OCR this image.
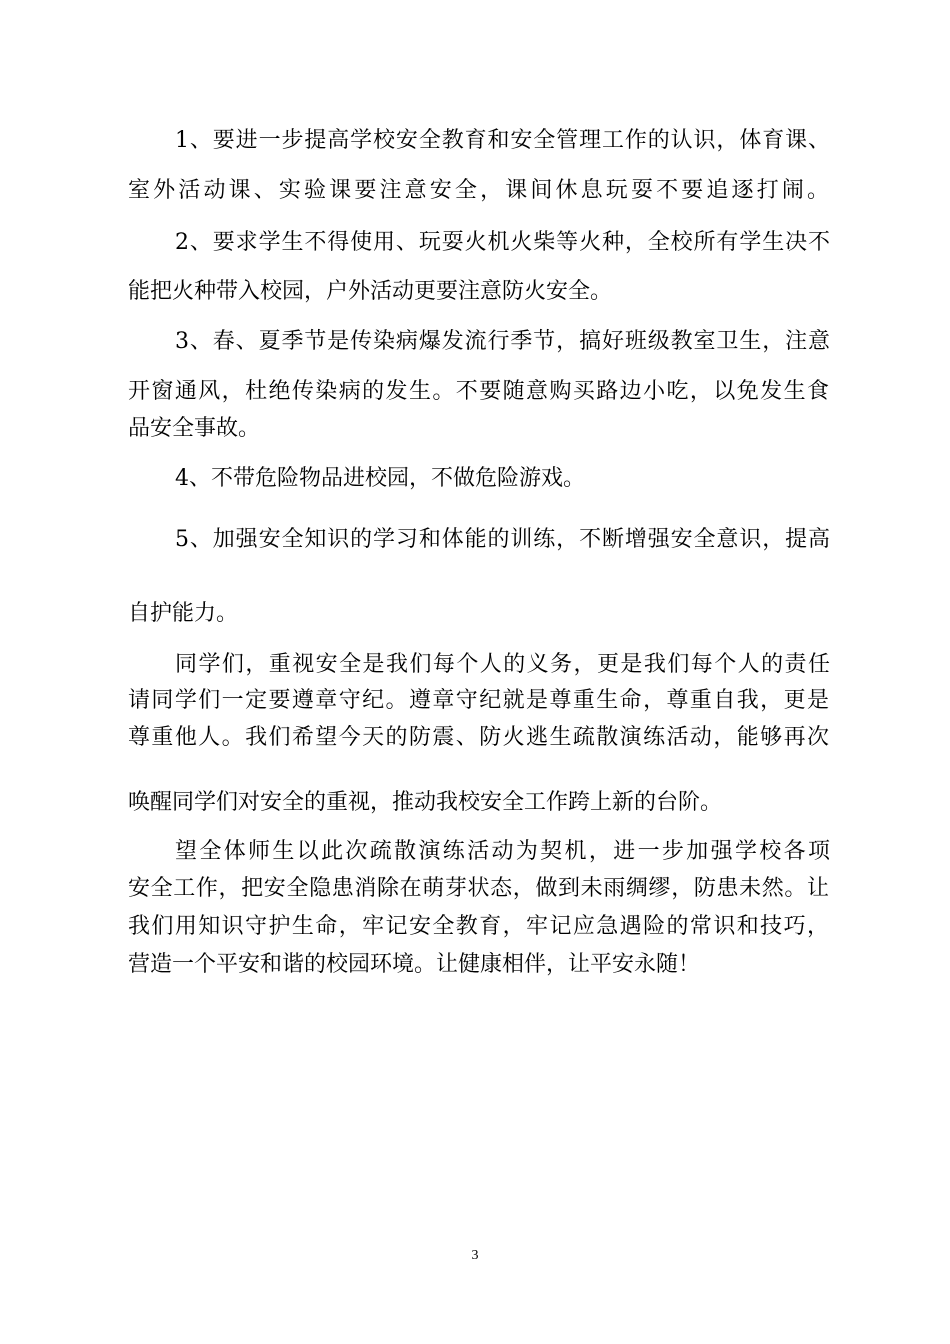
1、要进一步提高学校安全教育和安全管理工作的认识，体育课、
室外活动课、实验课要注意安全，课间休息玩耍不要追逐打闹。
2、要求学生不得使用、玩耍火机火柴等火种，全校所有学生决不
能把火种带入校园，户外活动更要注意防火安全。
3、春、夏季节是传染病爆发流行季节，搞好班级教室卫生，注意
开窗通风，杜绝传染病的发生。不要随意购买路边小吃，以免发生食
品安全事故。
4、不带危险物品进校园，不做危险游戏。
5、加强安全知识的学习和体能的训练，不断增强安全意识，提高
自护能力。
同学们，重视安全是我们每个人的义务，更是我们每个人的责任
请同学们一定要遵章守纪。遵章守纪就是尊重生命，尊重自我，更是
尊重他人。我们希望今天的防震、防火逃生疏散演练活动，能够再次
唤醒同学们对安全的重视，推动我校安全工作跨上新的台阶。
望全体师生以此次疏散演练活动为契机，进一步加强学校各项
安全工作，把安全隐患消除在萌芽状态，做到未雨绸缪，防患未然。让
我们用知识守护生命，牢记安全教育，牢记应急遇险的常识和技巧，
营造一个平安和谐的校园环境。让健康相伴，让平安永随！
3
